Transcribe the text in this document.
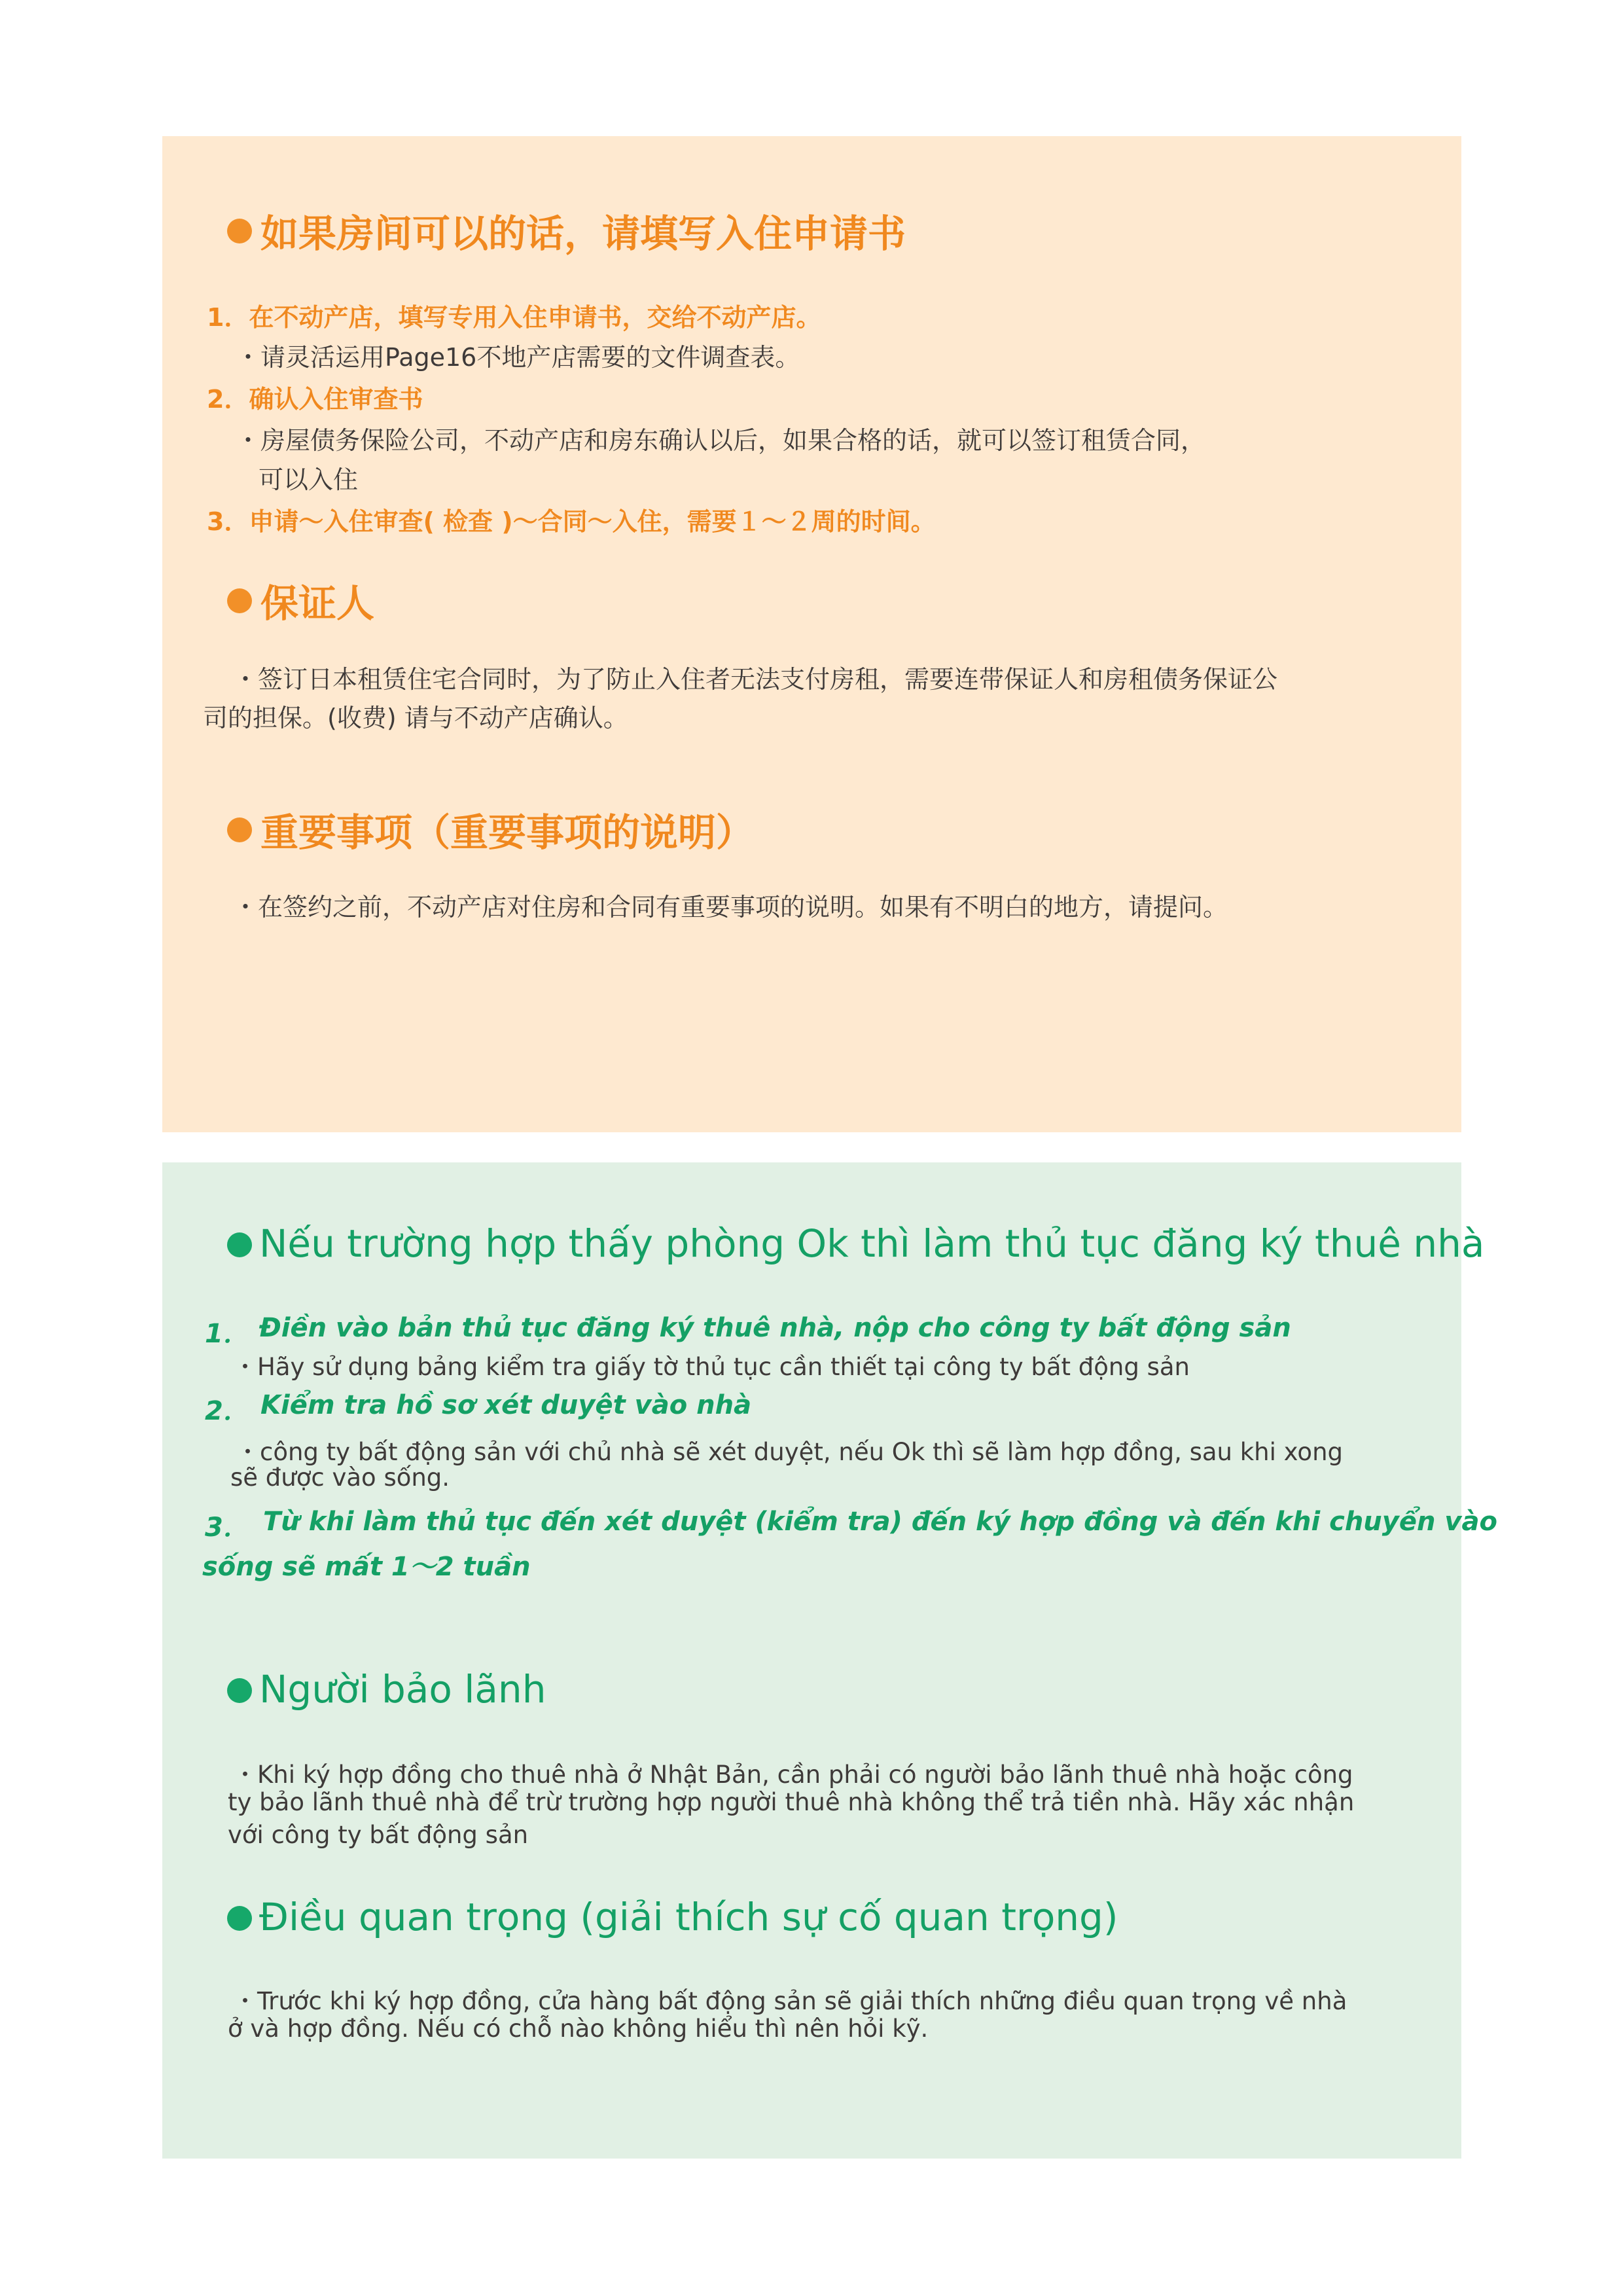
如果房间可以的话，请填写入住申请书

1．在不动产店，填写专用入住申请书，交给不动产店。

・请灵活运用Page16不地产店需要的文件调查表。

2．确认入住审查书

・房屋债务保险公司，不动产店和房东确认以后，如果合格的话，就可以签订租赁合同，

可以入住

3．申请～入住审查( 检查 )～合同～入住，需要１～２周的时间。

保证人

・签订日本租赁住宅合同时，为了防止入住者无法支付房租，需要连带保证人和房租债务保证公

司的担保。(收费) 请与不动产店确认。

重要事项（重要事项的说明）

・在签约之前，不动产店对住房和合同有重要事项的说明。如果有不明白的地方，请提问。

Nếu trường hợp thấy phòng Ok thì làm thủ tục đăng ký thuê nhà

1． Điền vào bản thủ tục đăng ký thuê nhà, nộp cho công ty bất động sản

・Hãy sử dụng bảng kiểm tra giấy tờ thủ tục cần thiết tại công ty bất động sản

2． Kiểm tra hồ sơ xét duyệt vào nhà

・công ty bất động sản với chủ nhà sẽ xét duyệt, nếu Ok thì sẽ làm hợp đồng, sau khi xong

sẽ được vào sống.

3． Từ khi làm thủ tục đến xét duyệt (kiểm tra) đến ký hợp đồng và đến khi chuyển vào

sống sẽ mất 1～2 tuần

Người bảo lãnh

・Khi ký hợp đồng cho thuê nhà ở Nhật Bản, cần phải có người bảo lãnh thuê nhà hoặc công

ty bảo lãnh thuê nhà để trừ trường hợp người thuê nhà không thể trả tiền nhà. Hãy xác nhận

với công ty bất động sản

Điều quan trọng (giải thích sự cố quan trọng)

・Trước khi ký hợp đồng, cửa hàng bất động sản sẽ giải thích những điều quan trọng về nhà

ở và hợp đồng. Nếu có chỗ nào không hiểu thì nên hỏi kỹ.
